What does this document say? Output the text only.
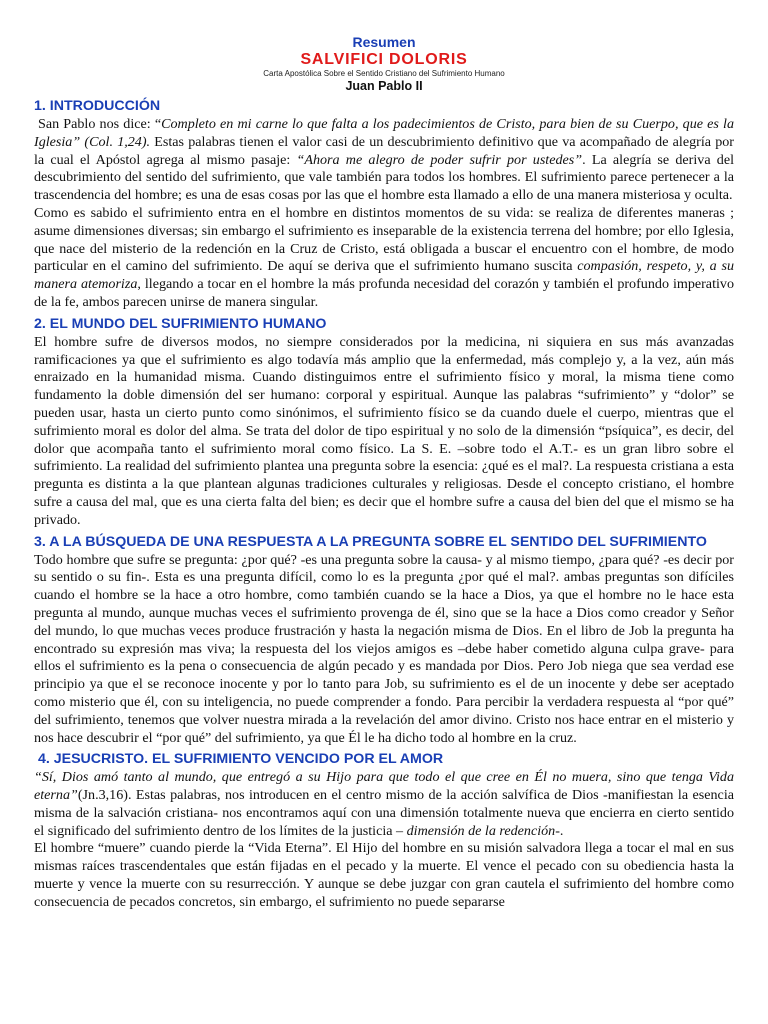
Resumen
SALVIFICI DOLORIS
Carta Apostólica Sobre el Sentido Cristiano del Sufrimiento Humano
Juan Pablo II
1. INTRODUCCIÓN

San Pablo nos dice: “Completo en mi carne lo que falta a los padecimientos de Cristo, para bien de su Cuerpo, que es la Iglesia” (Col. 1,24). Estas palabras tienen el valor casi de un descubrimiento definitivo que va acompañado de alegría por la cual el Apóstol agrega al mismo pasaje: “Ahora me alegro de poder sufrir por ustedes”. La alegría se deriva del descubrimiento del sentido del sufrimiento, que vale también para todos los hombres. El sufrimiento parece pertenecer a la trascendencia del hombre; es una de esas cosas por las que el hombre esta llamado a ello de una manera misteriosa y oculta.

Como es sabido el sufrimiento entra en el hombre en distintos momentos de su vida: se realiza de diferentes maneras ; asume dimensiones diversas; sin embargo el sufrimiento es inseparable de la existencia terrena del hombre; por ello Iglesia, que nace del misterio de la redención en la Cruz de Cristo, está obligada a buscar el encuentro con el hombre, de modo particular en el camino del sufrimiento. De aquí se deriva que el sufrimiento humano suscita compasión, respeto, y, a su manera atemoriza, llegando a tocar en el hombre la más profunda necesidad del corazón y también el profundo imperativo de la fe, ambos parecen unirse de manera singular.

2. EL MUNDO DEL SUFRIMIENTO HUMANO

El hombre sufre de diversos modos, no siempre considerados por la medicina, ni siquiera en sus más avanzadas ramificaciones ya que el sufrimiento es algo todavía más amplio que la enfermedad, más complejo y, a la vez, aún más enraizado en la humanidad misma. Cuando distinguimos entre el sufrimiento físico y moral, la misma tiene como fundamento la doble dimensión del ser humano: corporal y espiritual. Aunque las palabras “sufrimiento” y “dolor” se pueden usar, hasta un cierto punto como sinónimos, el sufrimiento físico se da cuando duele el cuerpo, mientras que el sufrimiento moral es dolor del alma. Se trata del dolor de tipo espiritual y no solo de la dimensión “psíquica”, es decir, del dolor que acompaña tanto el sufrimiento moral como físico. La S. E. –sobre todo el A.T.- es un gran libro sobre el sufrimiento. La realidad del sufrimiento plantea una pregunta sobre la esencia: ¿qué es el mal?. La respuesta cristiana a esta pregunta es distinta a la que plantean algunas tradiciones culturales y religiosas. Desde el concepto cristiano, el hombre sufre a causa del mal, que es una cierta falta del bien; es decir que el hombre sufre a causa del bien del que el mismo se ha privado.

3. A LA BÚSQUEDA DE UNA RESPUESTA A LA PREGUNTA SOBRE EL SENTIDO DEL SUFRIMIENTO

Todo hombre que sufre se pregunta: ¿por qué? -es una pregunta sobre la causa- y al mismo tiempo, ¿para qué? -es decir por su sentido o su fin-. Esta es una pregunta difícil, como lo es la pregunta ¿por qué el mal?. ambas preguntas son difíciles cuando el hombre se la hace a otro hombre, como también cuando se la hace a Dios, ya que el hombre no le hace esta pregunta al mundo, aunque muchas veces el sufrimiento provenga de él, sino que se la hace a Dios como creador y Señor del mundo, lo que muchas veces produce frustración y hasta la negación misma de Dios. En el libro de Job la pregunta ha encontrado su expresión mas viva; la respuesta del los viejos amigos es –debe haber cometido alguna culpa grave- para ellos el sufrimiento es la pena o consecuencia de algún pecado y es mandada por Dios. Pero Job niega que sea verdad ese principio ya que el se reconoce inocente y por lo tanto para Job, su sufrimiento es el de un inocente y debe ser aceptado como misterio que él, con su inteligencia, no puede comprender a fondo. Para percibir la verdadera respuesta al “por qué” del sufrimiento, tenemos que volver nuestra mirada a la revelación del amor divino. Cristo nos hace entrar en el misterio y nos hace descubrir el “por qué” del sufrimiento, ya que Él le ha dicho todo al hombre en la cruz.

4. JESUCRISTO. EL SUFRIMIENTO VENCIDO POR EL AMOR

“Sí, Dios amó tanto al mundo, que entregó a su Hijo para que todo el que cree en Él no muera, sino que tenga Vida eterna”(Jn.3,16). Estas palabras, nos introducen en el centro mismo de la acción salvífica de Dios -manifiestan la esencia misma de la salvación cristiana- nos encontramos aquí con una dimensión totalmente nueva que encierra en cierto sentido el significado del sufrimiento dentro de los límites de la justicia – dimensión de la redención-.

El hombre “muere” cuando pierde la “Vida Eterna”. El Hijo del hombre en su misión salvadora llega a tocar el mal en sus mismas raíces trascendentales que están fijadas en el pecado y la muerte. El vence el pecado con su obediencia hasta la muerte y vence la muerte con su resurrección. Y aunque se debe juzgar con gran cautela el sufrimiento del hombre como consecuencia de pecados concretos, sin embargo, el sufrimiento no puede separarse
